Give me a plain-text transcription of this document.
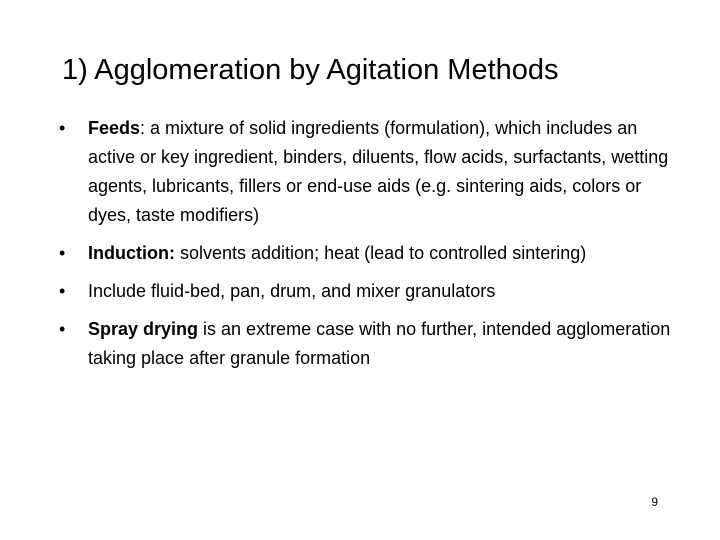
1) Agglomeration by Agitation Methods
• Feeds: a mixture of solid ingredients (formulation), which includes an active or key ingredient, binders, diluents, flow acids, surfactants, wetting agents, lubricants, fillers or end-use aids (e.g. sintering aids, colors or dyes, taste modifiers)
• Induction: solvents addition; heat (lead to controlled sintering)
• Include fluid-bed, pan, drum, and mixer granulators
• Spray drying is an extreme case with no further, intended agglomeration taking place after granule formation
9
